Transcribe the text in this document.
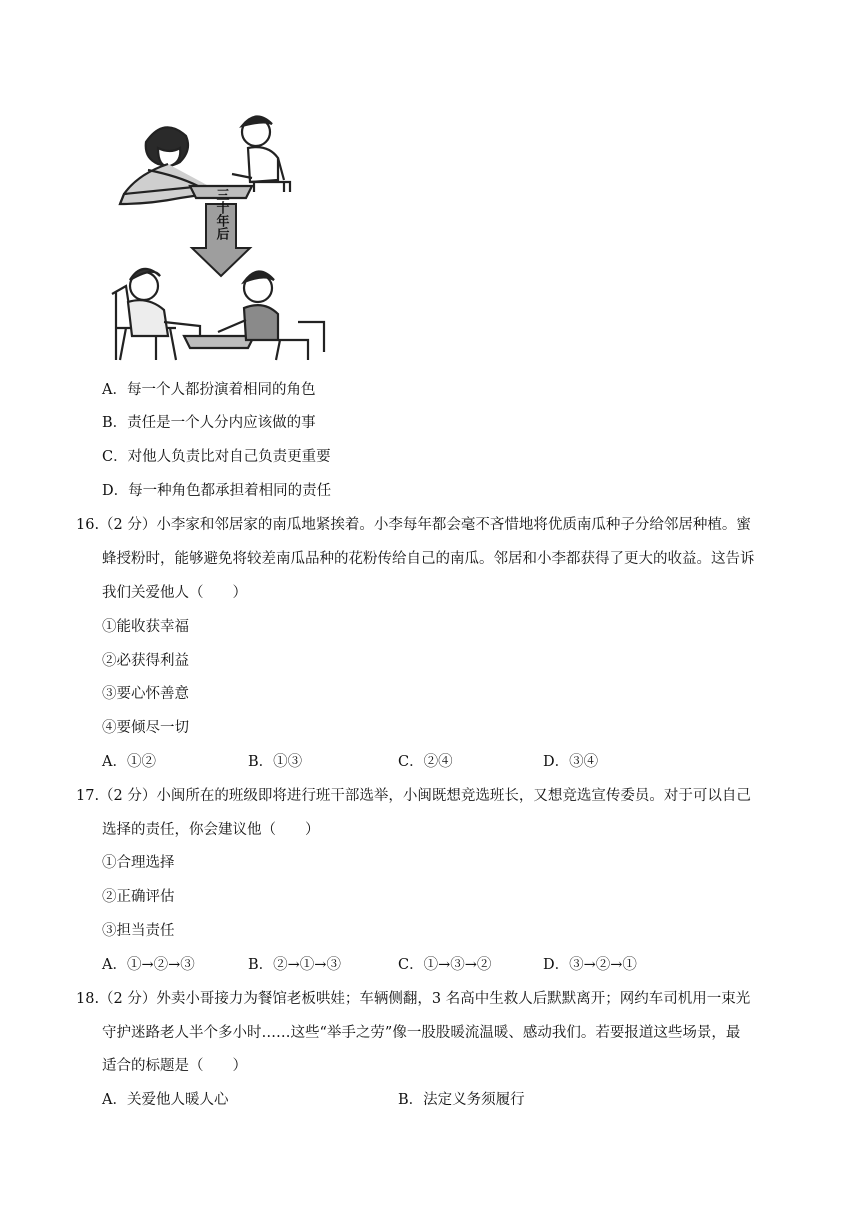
三十年后
A．每一个人都扮演着相同的角色
B．责任是一个人分内应该做的事
C．对他人负责比对自己负责更重要
D．每一种角色都承担着相同的责任
16.（2 分）小李家和邻居家的南瓜地紧挨着。小李每年都会毫不吝惜地将优质南瓜种子分给邻居种植。蜜
蜂授粉时，能够避免将较差南瓜品种的花粉传给自己的南瓜。邻居和小李都获得了更大的收益。这告诉
我们关爱他人（　　）
①能收获幸福
②必获得利益
③要心怀善意
④要倾尽一切
A．①②	B．①③	C．②④	D．③④
17.（2 分）小闽所在的班级即将进行班干部选举，小闽既想竞选班长，又想竞选宣传委员。对于可以自己
选择的责任，你会建议他（　　）
①合理选择
②正确评估
③担当责任
A．①→②→③	B．②→①→③	C．①→③→②	D．③→②→①
18.（2 分）外卖小哥接力为餐馆老板哄娃；车辆侧翻，3 名高中生救人后默默离开；网约车司机用一束光
守护迷路老人半个多小时……这些“举手之劳”像一股股暖流温暖、感动我们。若要报道这些场景，最
适合的标题是（　　）
A．关爱他人暖人心	B．法定义务须履行
